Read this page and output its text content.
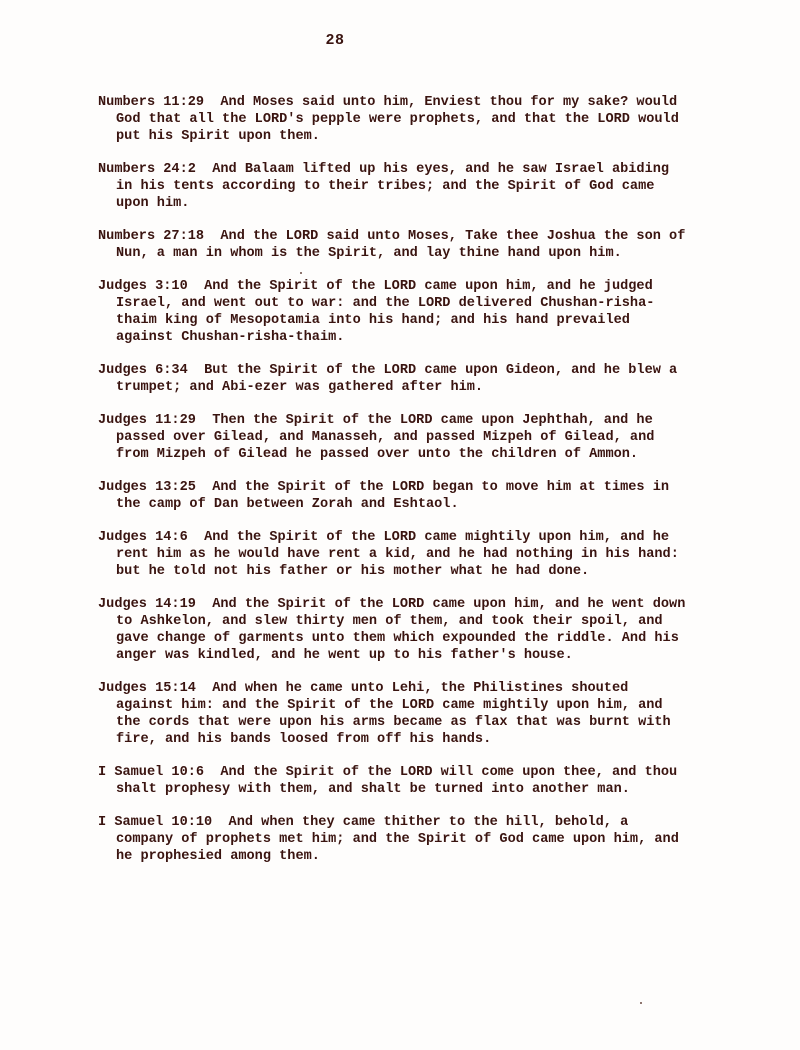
28

Numbers 11:29 And Moses said unto him, Enviest thou for my sake? would God that all the LORD's pepple were prophets, and that the LORD would put his Spirit upon them.

Numbers 24:2 And Balaam lifted up his eyes, and he saw Israel abiding in his tents according to their tribes; and the Spirit of God came upon him.

Numbers 27:18 And the LORD said unto Moses, Take thee Joshua the son of Nun, a man in whom is the Spirit, and lay thine hand upon him.

Judges 3:10 And the Spirit of the LORD came upon him, and he judged Israel, and went out to war: and the LORD delivered Chushan-risha-thaim king of Mesopotamia into his hand; and his hand prevailed against Chushan-risha-thaim.

Judges 6:34 But the Spirit of the LORD came upon Gideon, and he blew a trumpet; and Abi-ezer was gathered after him.

Judges 11:29 Then the Spirit of the LORD came upon Jephthah, and he passed over Gilead, and Manasseh, and passed Mizpeh of Gilead, and from Mizpeh of Gilead he passed over unto the children of Ammon.

Judges 13:25 And the Spirit of the LORD began to move him at times in the camp of Dan between Zorah and Eshtaol.

Judges 14:6 And the Spirit of the LORD came mightily upon him, and he rent him as he would have rent a kid, and he had nothing in his hand: but he told not his father or his mother what he had done.

Judges 14:19 And the Spirit of the LORD came upon him, and he went down to Ashkelon, and slew thirty men of them, and took their spoil, and gave change of garments unto them which expounded the riddle. And his anger was kindled, and he went up to his father's house.

Judges 15:14 And when he came unto Lehi, the Philistines shouted against him: and the Spirit of the LORD came mightily upon him, and the cords that were upon his arms became as flax that was burnt with fire, and his bands loosed from off his hands.

I Samuel 10:6 And the Spirit of the LORD will come upon thee, and thou shalt prophesy with them, and shalt be turned into another man.

I Samuel 10:10 And when they came thither to the hill, behold, a company of prophets met him; and the Spirit of God came upon him, and he prophesied among them.
